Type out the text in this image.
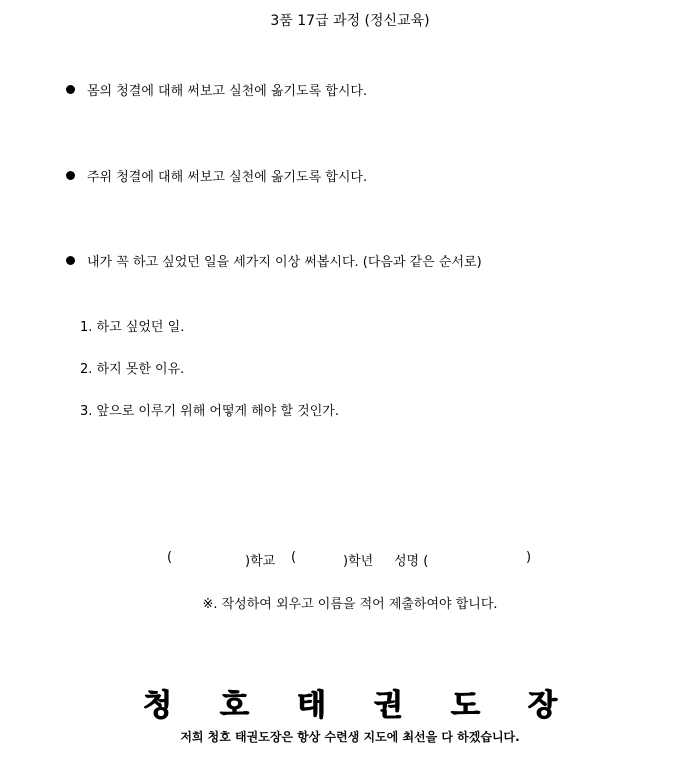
3품 17급 과정 (정신교육)
몸의 청결에 대해 써보고 실천에 옮기도록 합시다.
주위 청결에 대해 써보고 실천에 옮기도록 합시다.
내가 꼭 하고 싶었던 일을 세가지 이상 써봅시다. (다음과 같은 순서로)
1. 하고 싶었던 일.
2. 하지 못한 이유.
3. 앞으로 이루기 위해 어떻게 해야 할 것인가.
(	)학교 (	)학년 성명 (	)
※. 작성하여 외우고 이름을 적어 제출하여야 합니다.
청 호 태 권 도 장
저희 청호 태권도장은 항상 수련생 지도에 최선을 다 하겠습니다.
